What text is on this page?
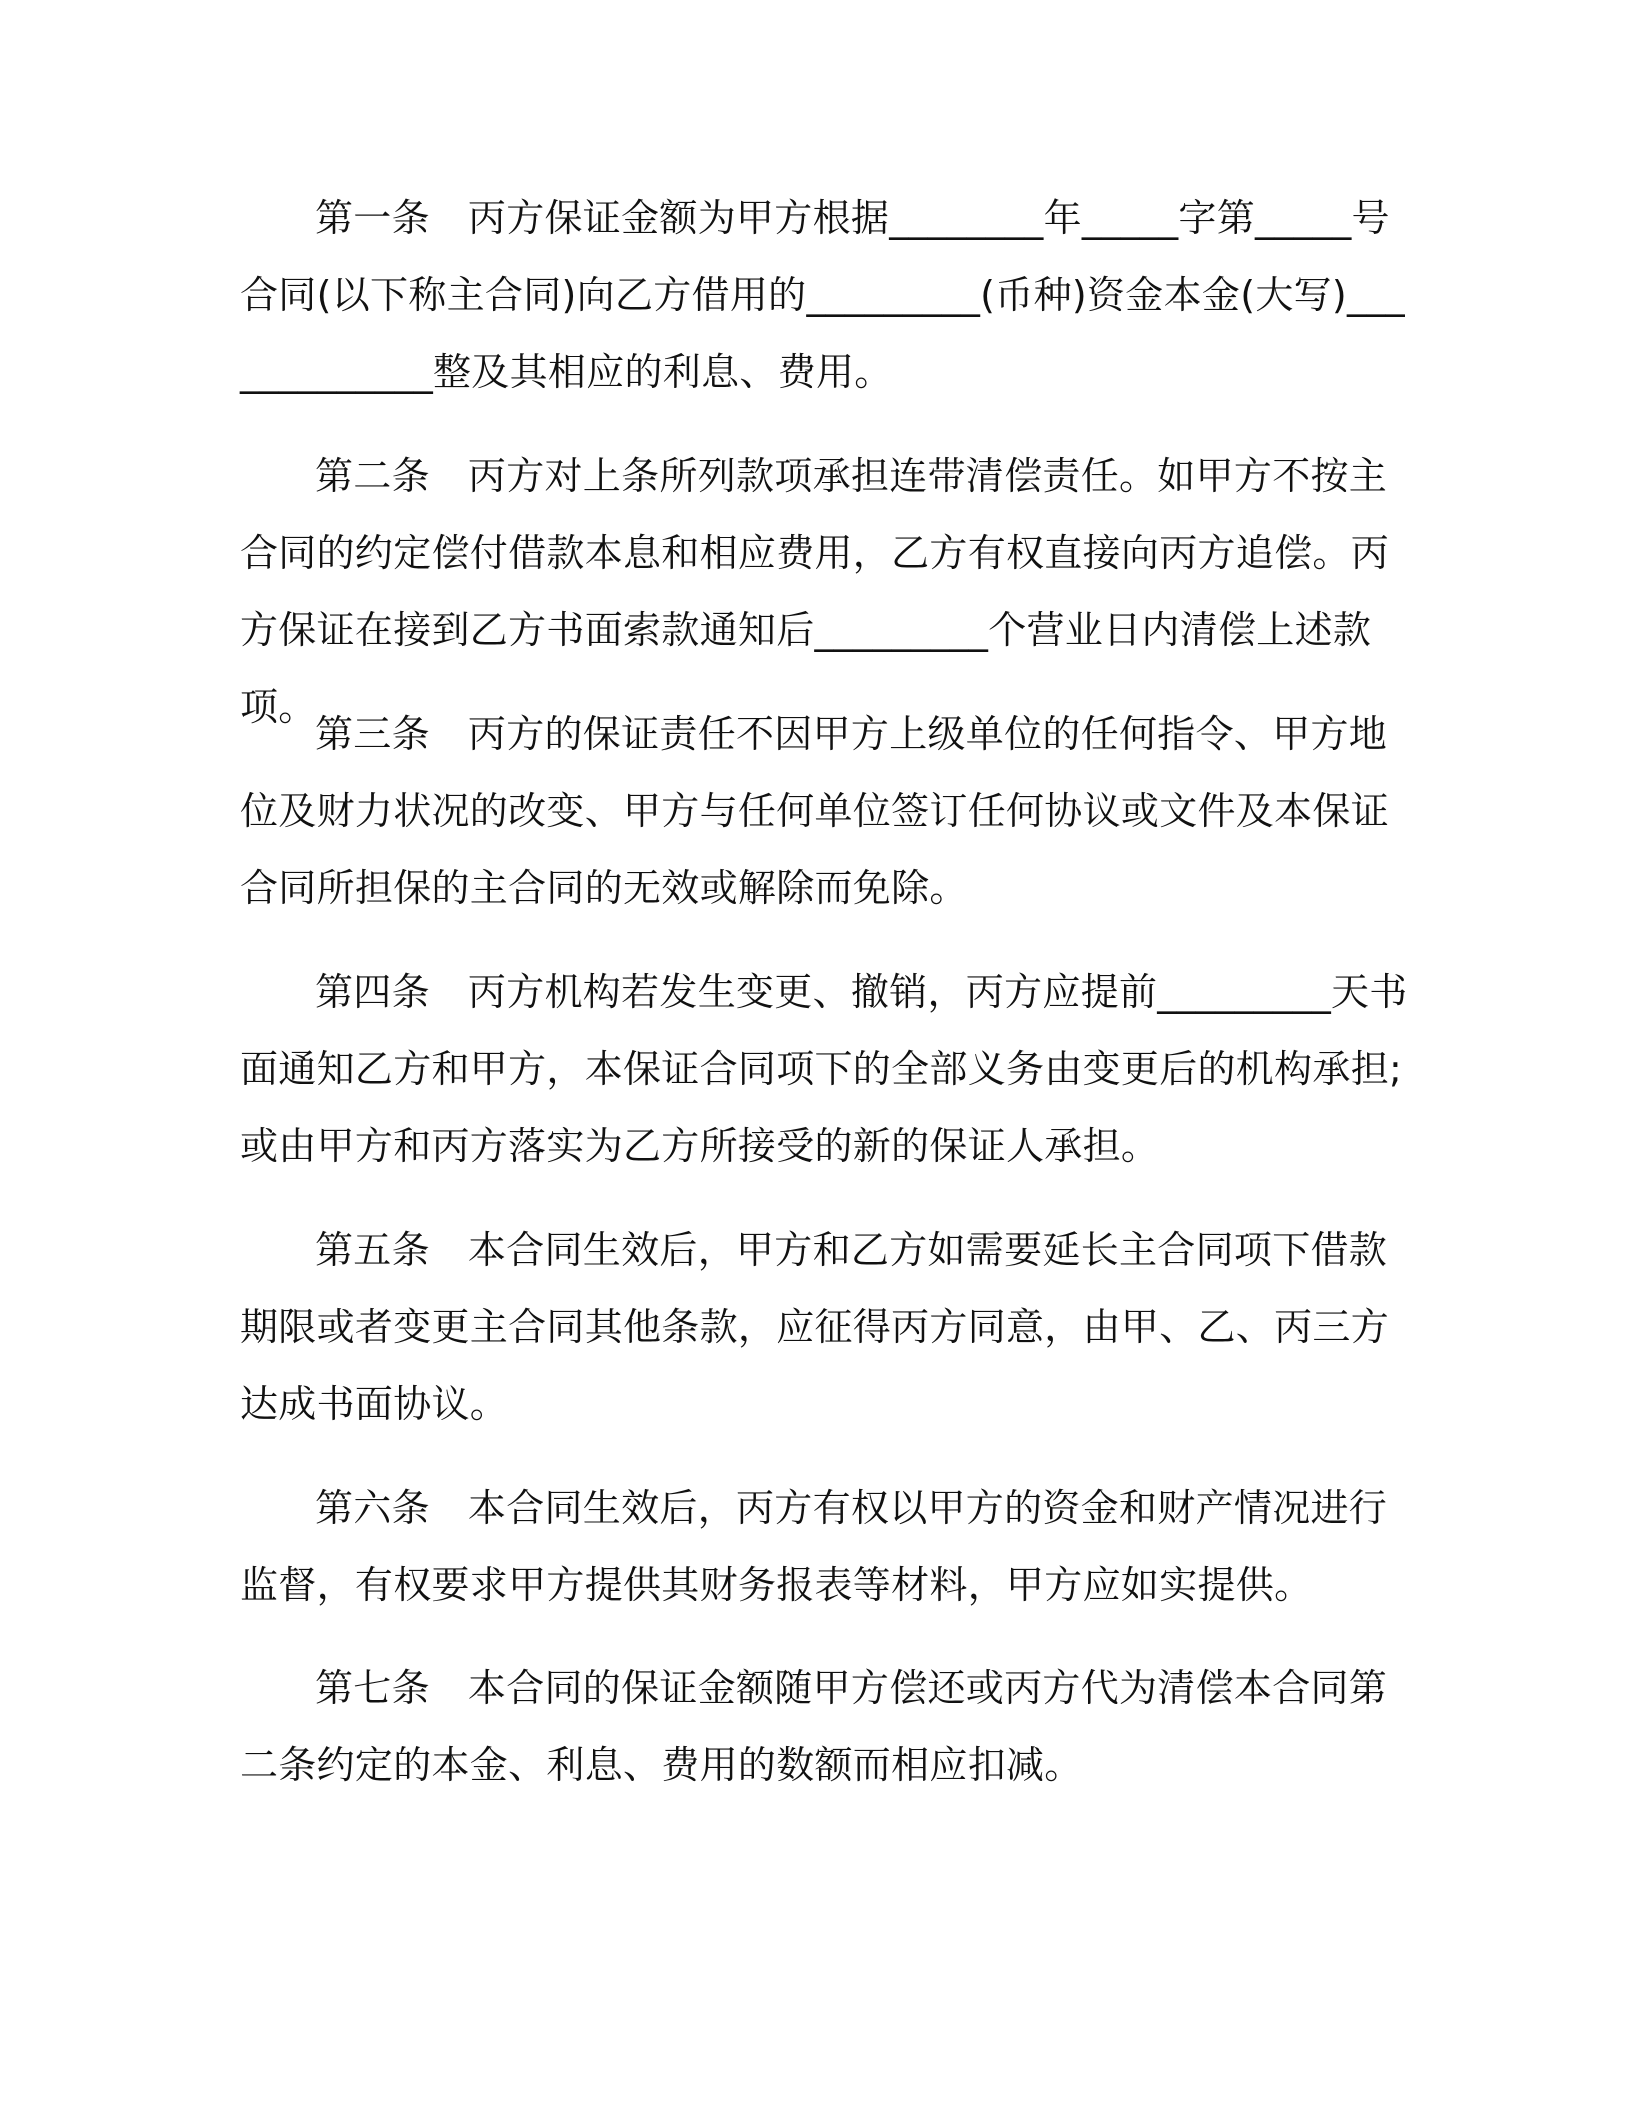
第一条 丙方保证金额为甲方根据________年_____字第_____号合同(以下称主合同)向乙方借用的_________(币种)资金本金(大写)_____________整及其相应的利息、费用。

第二条 丙方对上条所列款项承担连带清偿责任。如甲方不按主合同的约定偿付借款本息和相应费用，乙方有权直接向丙方追偿。丙方保证在接到乙方书面索款通知后_________个营业日内清偿上述款项。

第三条 丙方的保证责任不因甲方上级单位的任何指令、甲方地位及财力状况的改变、甲方与任何单位签订任何协议或文件及本保证合同所担保的主合同的无效或解除而免除。

第四条 丙方机构若发生变更、撤销，丙方应提前_________天书面通知乙方和甲方，本保证合同项下的全部义务由变更后的机构承担;或由甲方和丙方落实为乙方所接受的新的保证人承担。

第五条 本合同生效后，甲方和乙方如需要延长主合同项下借款期限或者变更主合同其他条款，应征得丙方同意，由甲、乙、丙三方达成书面协议。

第六条 本合同生效后，丙方有权以甲方的资金和财产情况进行监督，有权要求甲方提供其财务报表等材料，甲方应如实提供。

第七条 本合同的保证金额随甲方偿还或丙方代为清偿本合同第二条约定的本金、利息、费用的数额而相应扣减。
